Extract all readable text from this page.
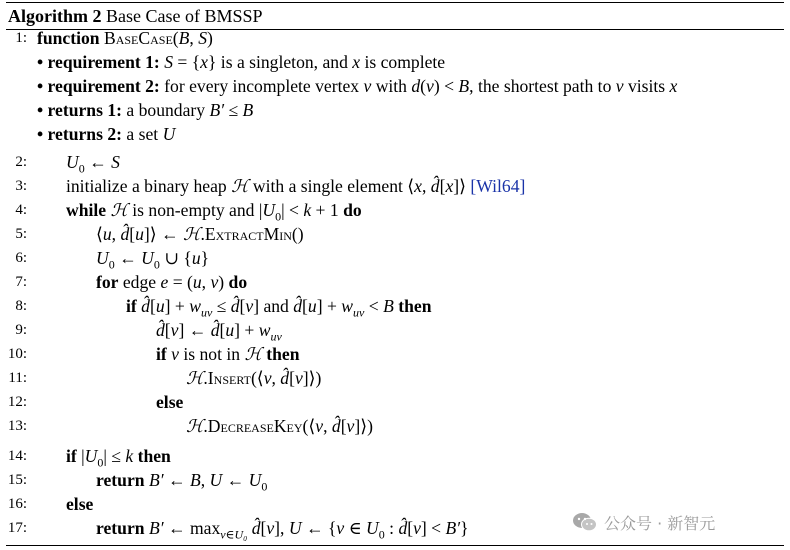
Algorithm 2 Base Case of BMSSP
1: function BaseCase(B, S)
• requirement 1: S = {x} is a singleton, and x is complete
• requirement 2: for every incomplete vertex v with d(v) < B, the shortest path to v visits x
• returns 1: a boundary B′ ≤ B
• returns 2: a set U
2: $U_0$ ← S
3: initialize a binary heap ℋ with a single element ⟨x, d̂[x]⟩ [Wil64]
4: while ℋ is non-empty and $|U_0| < k + 1$ do
5:	⟨u, d̂[u]⟩ ← ℋ.ExtractMin()
6:	$U_0$ ← $U_0$ ∪ {u}
7:	for edge e = (u, v) do
8:	if d̂[u] + $w_{uv}$ ≤ d̂[v] and d̂[u] + $w_{uv} < B$ then
9:	d̂[v] ← d̂[u] + $w_{uv}$
10:	if v is not in ℋ then
11:	ℋ.Insert(⟨v, d̂[v]⟩)
12:	else
13:	ℋ.DecreaseKey(⟨v, d̂[v]⟩)
14: if $|U_0| \le k$ then
15:	return B′ ← B, U ← $U_0$
16: else
17:	return B′ ← $\max_{v\in U_0}$ d̂[v], U ← {v ∈ $U_0$ : d̂[v] < B′}	公众号 · 新智元
